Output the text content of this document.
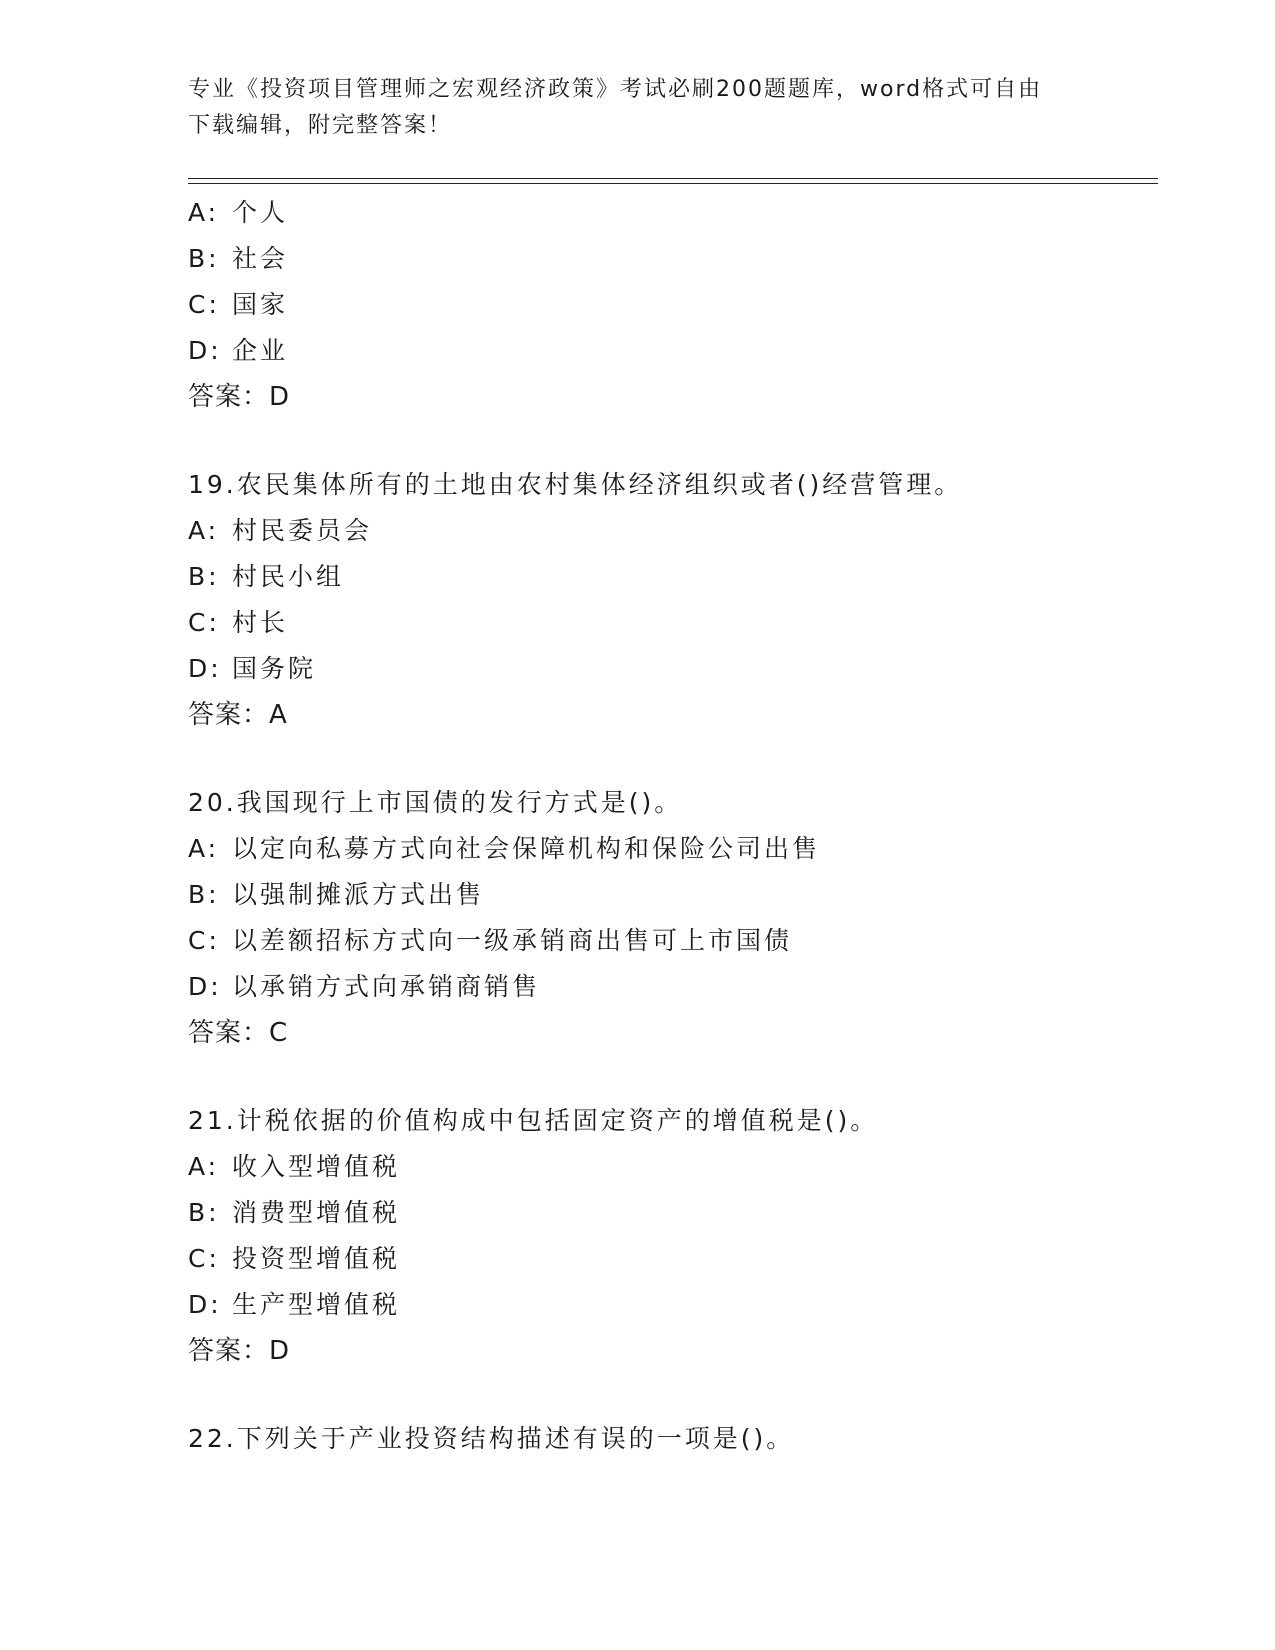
专业《投资项目管理师之宏观经济政策》考试必刷200题题库，word格式可自由
下载编辑，附完整答案！
A: 个人
B: 社会
C: 国家
D: 企业
答案：D
19.农民集体所有的土地由农村集体经济组织或者()经营管理。
A: 村民委员会
B: 村民小组
C: 村长
D: 国务院
答案：A
20.我国现行上市国债的发行方式是()。
A: 以定向私募方式向社会保障机构和保险公司出售
B: 以强制摊派方式出售
C: 以差额招标方式向一级承销商出售可上市国债
D: 以承销方式向承销商销售
答案：C
21.计税依据的价值构成中包括固定资产的增值税是()。
A: 收入型增值税
B: 消费型增值税
C: 投资型增值税
D: 生产型增值税
答案：D
22.下列关于产业投资结构描述有误的一项是()。
